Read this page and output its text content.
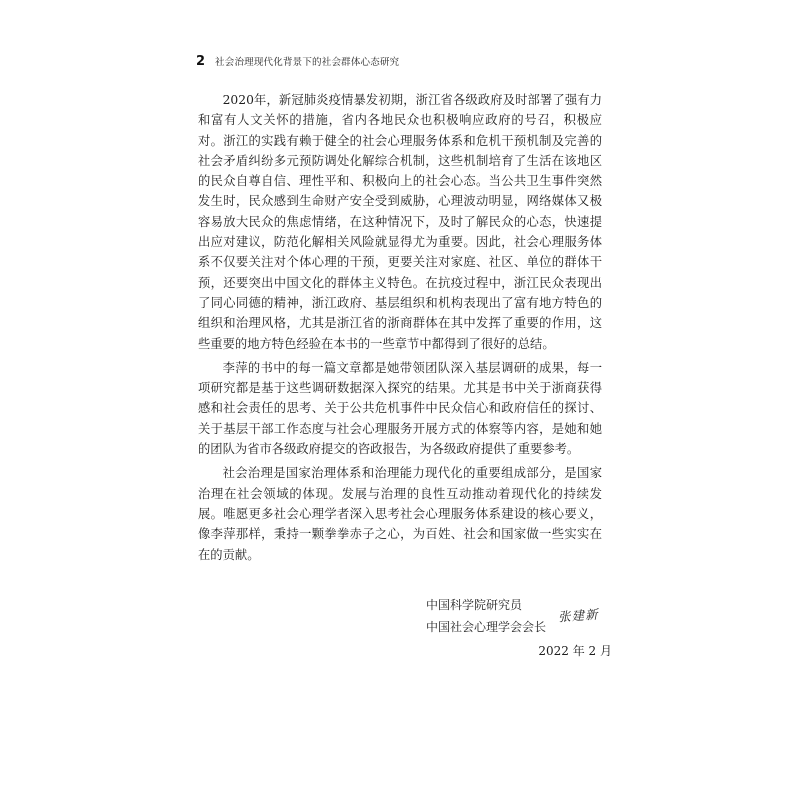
2 社会治理现代化背景下的社会群体心态研究

2020年，新冠肺炎疫情暴发初期，浙江省各级政府及时部署了强有力和富有人文关怀的措施，省内各地民众也积极响应政府的号召，积极应对。浙江的实践有赖于健全的社会心理服务体系和危机干预机制及完善的社会矛盾纠纷多元预防调处化解综合机制，这些机制培育了生活在该地区的民众自尊自信、理性平和、积极向上的社会心态。当公共卫生事件突然发生时，民众感到生命财产安全受到威胁，心理波动明显，网络媒体又极容易放大民众的焦虑情绪，在这种情况下，及时了解民众的心态，快速提出应对建议，防范化解相关风险就显得尤为重要。因此，社会心理服务体系不仅要关注对个体心理的干预，更要关注对家庭、社区、单位的群体干预，还要突出中国文化的群体主义特色。在抗疫过程中，浙江民众表现出了同心同德的精神，浙江政府、基层组织和机构表现出了富有地方特色的组织和治理风格，尤其是浙江省的浙商群体在其中发挥了重要的作用，这些重要的地方特色经验在本书的一些章节中都得到了很好的总结。

李萍的书中的每一篇文章都是她带领团队深入基层调研的成果，每一项研究都是基于这些调研数据深入探究的结果。尤其是书中关于浙商获得感和社会责任的思考、关于公共危机事件中民众信心和政府信任的探讨、关于基层干部工作态度与社会心理服务开展方式的体察等内容，是她和她的团队为省市各级政府提交的咨政报告，为各级政府提供了重要参考。

社会治理是国家治理体系和治理能力现代化的重要组成部分，是国家治理在社会领域的体现。发展与治理的良性互动推动着现代化的持续发展。唯愿更多社会心理学者深入思考社会心理服务体系建设的核心要义，像李萍那样，秉持一颗拳拳赤子之心，为百姓、社会和国家做一些实实在在的贡献。

中国科学院研究员
中国社会心理学会会长
张建新
2022 年 2 月
